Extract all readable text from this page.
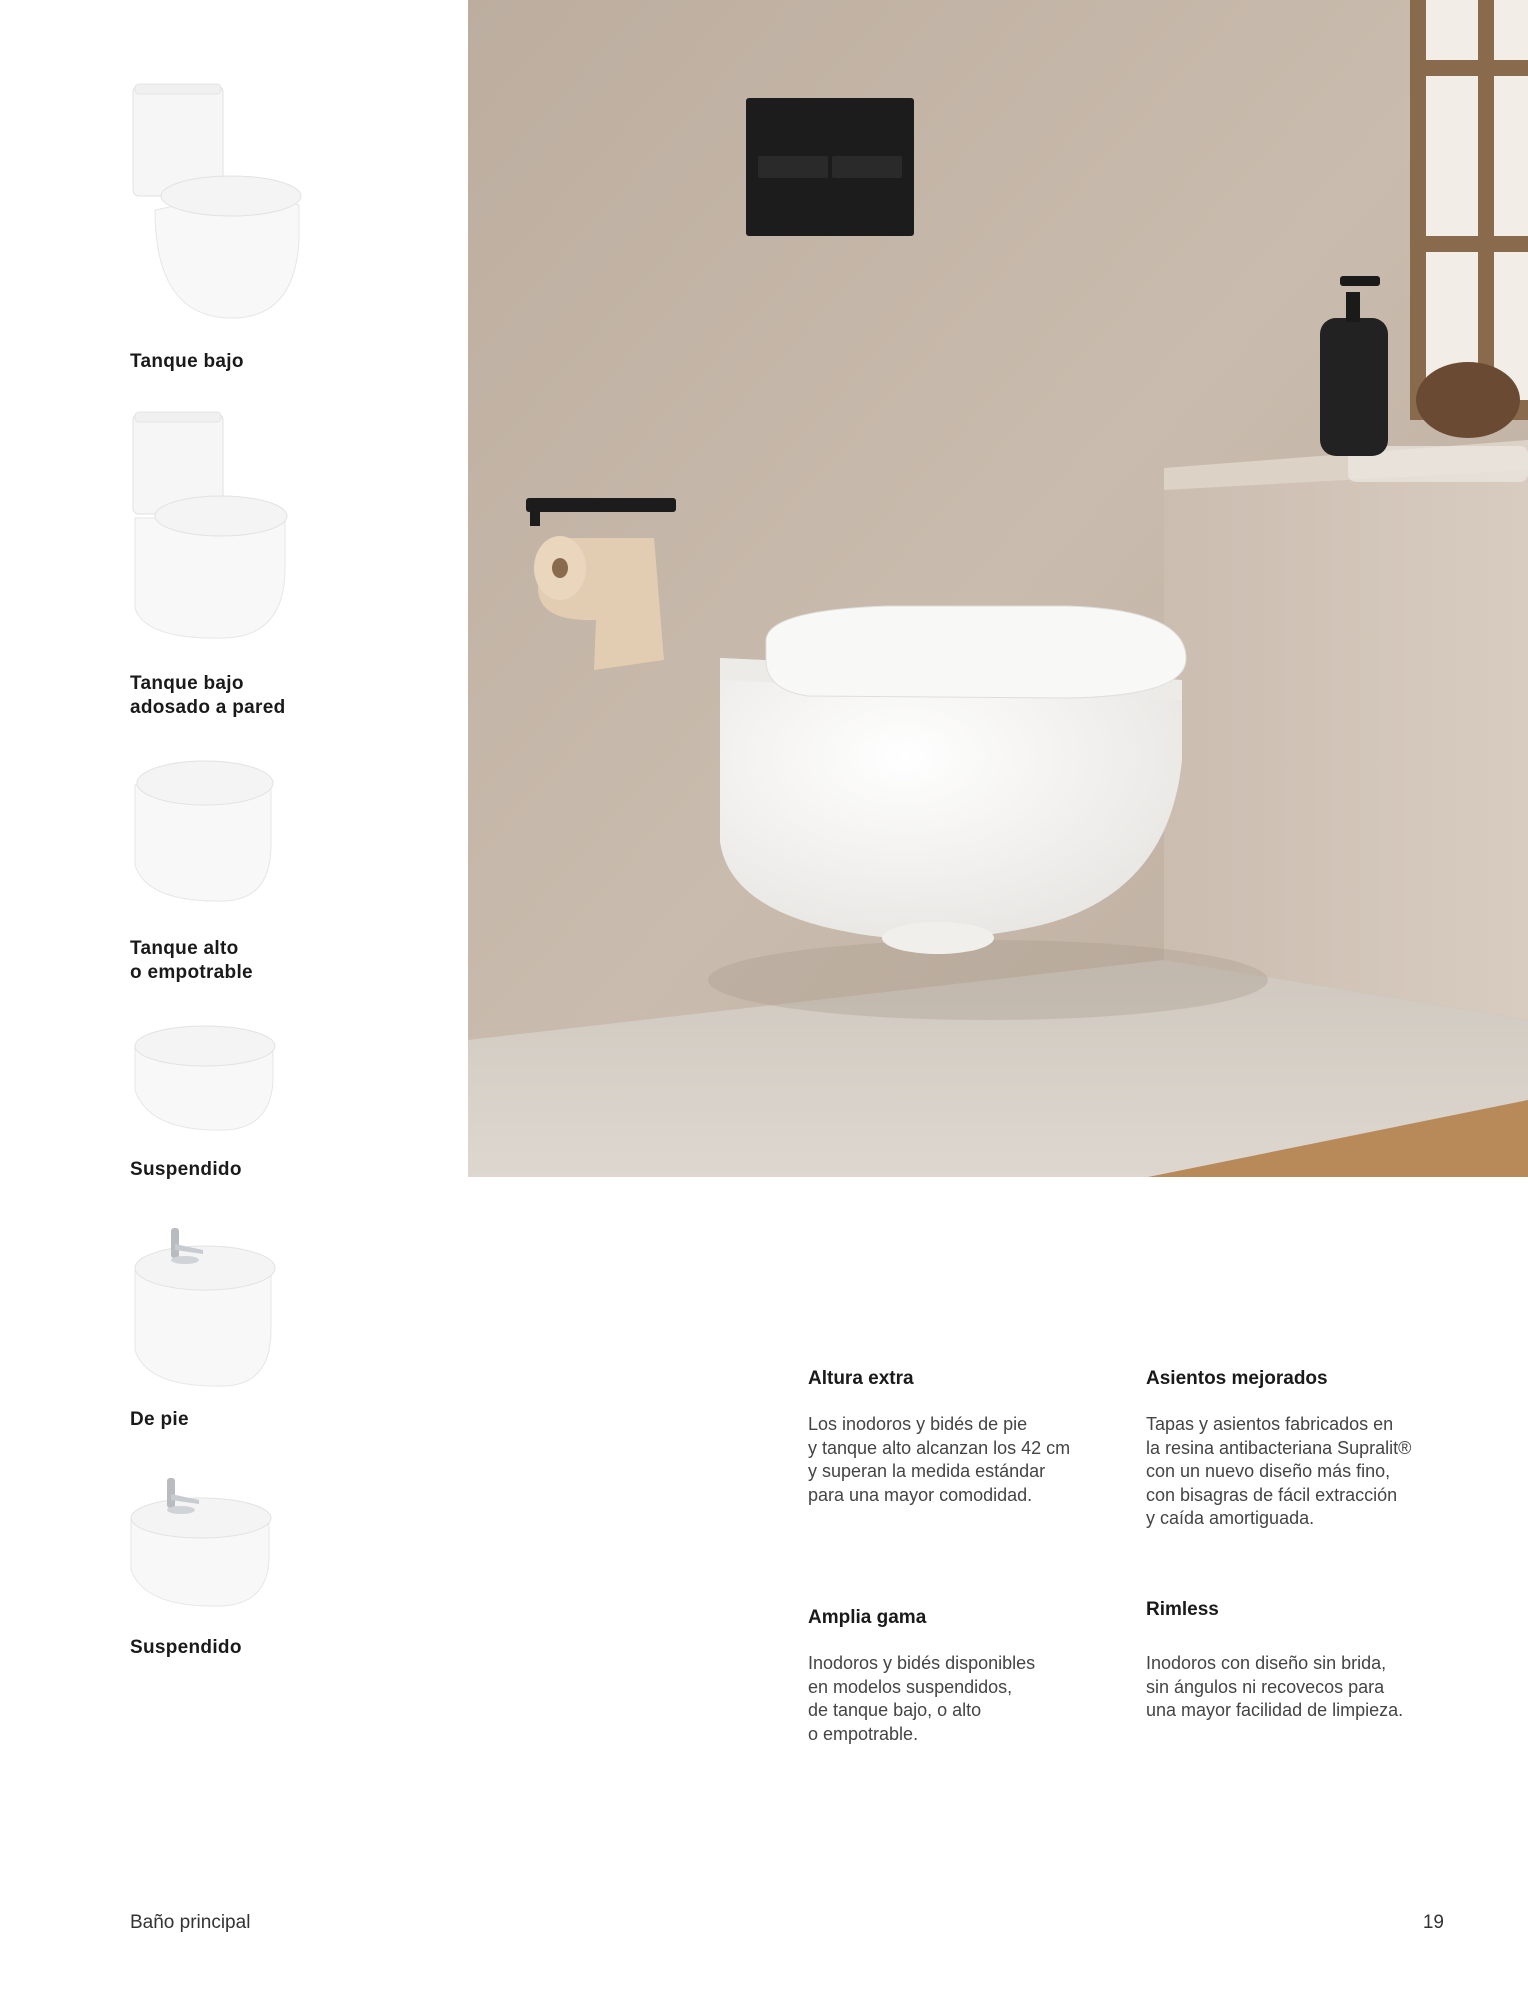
Tanque bajo
Tanque bajo
adosado a pared
Tanque alto
o empotrable
Suspendido
De pie
Suspendido
Altura extra

Los inodoros y bidés de pie
y tanque alto alcanzan los 42 cm
y superan la medida estándar
para una mayor comodidad.

Asientos mejorados

Tapas y asientos fabricados en
la resina antibacteriana Supralit®
con un nuevo diseño más fino,
con bisagras de fácil extracción
y caída amortiguada.

Amplia gama

Inodoros y bidés disponibles
en modelos suspendidos,
de tanque bajo, o alto
o empotrable.

Rimless

Inodoros con diseño sin brida,
sin ángulos ni recovecos para
una mayor facilidad de limpieza.

Baño principal	19
